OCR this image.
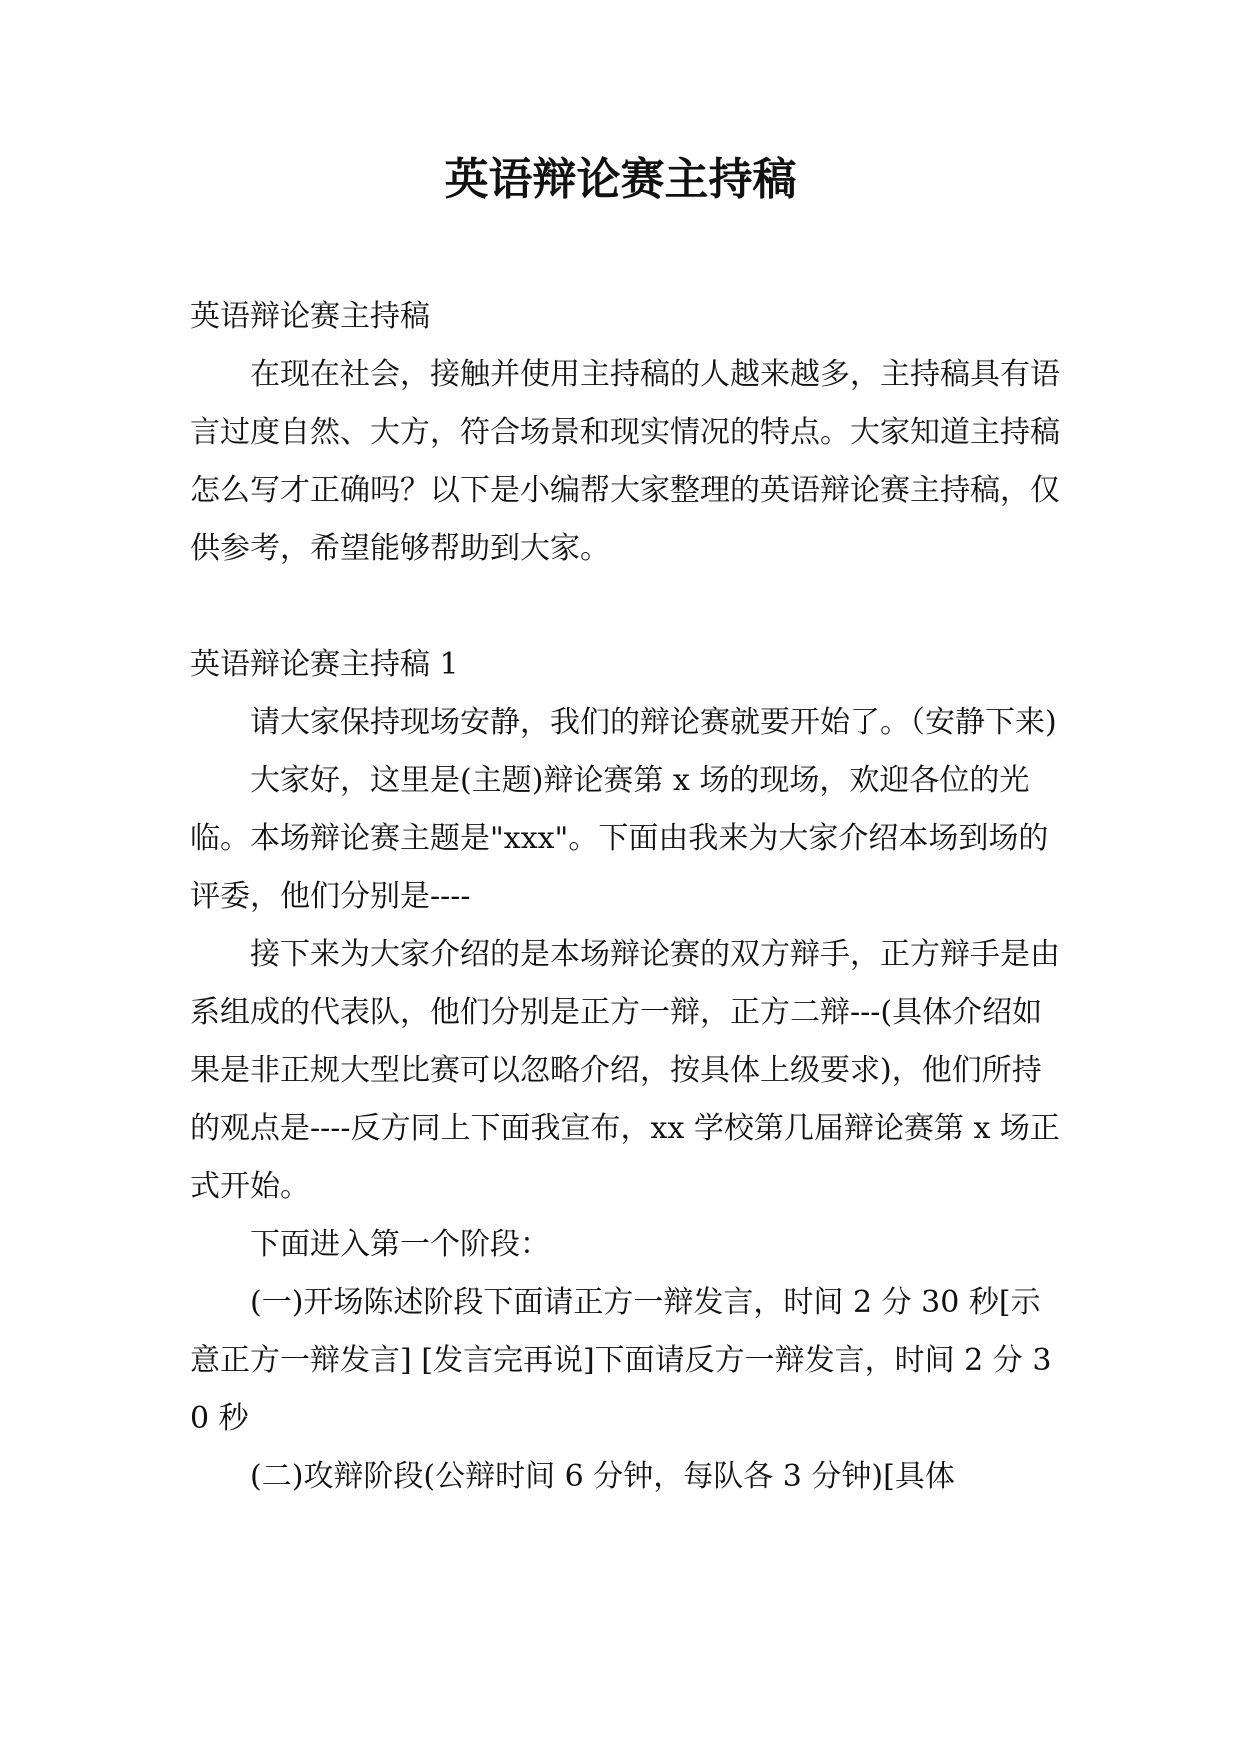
英语辩论赛主持稿

英语辩论赛主持稿

在现在社会，接触并使用主持稿的人越来越多，主持稿具有语言过度自然、大方，符合场景和现实情况的特点。大家知道主持稿怎么写才正确吗？以下是小编帮大家整理的英语辩论赛主持稿，仅供参考，希望能够帮助到大家。

英语辩论赛主持稿 1

请大家保持现场安静，我们的辩论赛就要开始了。（安静下来)

大家好，这里是(主题)辩论赛第 x 场的现场，欢迎各位的光临。本场辩论赛主题是"xxx"。下面由我来为大家介绍本场到场的评委，他们分别是----

接下来为大家介绍的是本场辩论赛的双方辩手，正方辩手是由系组成的代表队，他们分别是正方一辩，正方二辩---(具体介绍如果是非正规大型比赛可以忽略介绍，按具体上级要求)，他们所持的观点是----反方同上下面我宣布，xx 学校第几届辩论赛第 x 场正式开始。

下面进入第一个阶段：

(一)开场陈述阶段下面请正方一辩发言，时间 2 分 30 秒[示意正方一辩发言] [发言完再说]下面请反方一辩发言，时间 2 分 30 秒

(二)攻辩阶段(公辩时间 6 分钟，每队各 3 分钟)[具体
